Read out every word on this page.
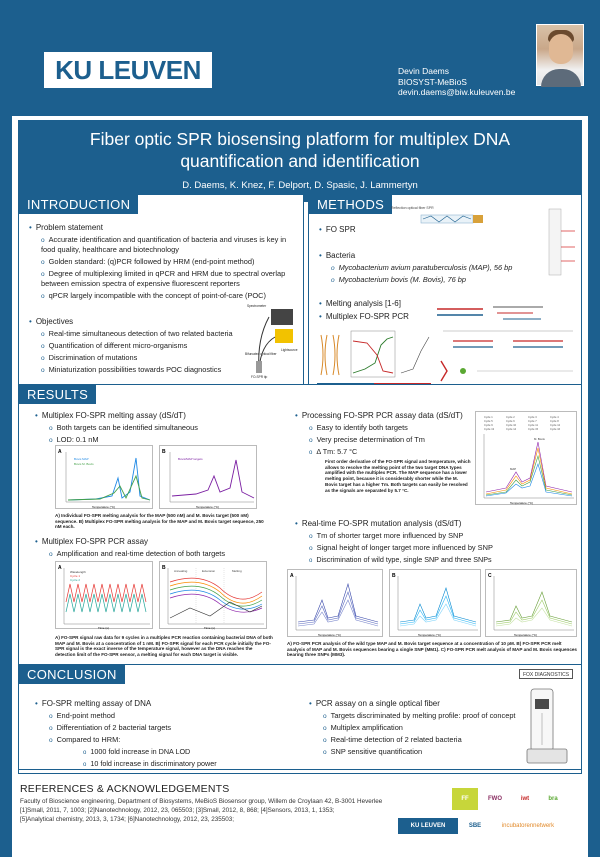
KU LEUVEN	Devin Daems
BIOSYST-MeBioS
devin.daems@biw.kuleuven.be
Fiber optic SPR biosensing platform for multiplex DNA
quantification and identification
D. Daems, K. Knez, F. Delport, D. Spasic, J. Lammertyn
INTRODUCTION
• Problem statement
o Accurate identification and quantification of bacteria and viruses is key in food quality, healthcare and biotechnology
o Golden standard: (q)PCR followed by HRM (end-point method)
o Degree of multiplexing limited in qPCR and HRM due to spectral overlap between emission spectra of expensive fluorescent reporters
o qPCR largely incompatible with the concept of point-of-care (POC)
• Objectives
o Real-time simultaneous detection of two related bacteria
o Quantification of different micro-organisms
o Discrimination of mutations
o Miniaturization possibilities towards POC diagnostics
Spectrometer
Lightsource
Bifurcated optical fiber
FO-SPR tip
METHODS
• FO SPR
• Bacteria
o Mycobacterium avium paratuberculosis (MAP), 56 bp
o Mycobacterium bovis (M. Bovis), 76 bp
• Melting analysis [1-6]
• Multiplex FO-SPR PCR
Reflection optical fiber SPR
RESULTS
• Multiplex FO-SPR melting assay (dS/dT)
o Both targets can be identified simultaneous
o LOD: 0.1 nM
A
Bovis MAP
Bovis M. Bovis
Temperature (°C)
B
Bovis/MAP targets
Temperature (°C)
A) Individual FO-SPR melting analysis for the MAP (500 nM) and M. Bovis target (500 nM) sequence. B) Multiplex FO-SPR melting analysis for the MAP and M. Bovis target sequence, 250 nM each.
• Multiplex FO-SPR PCR assay
o Amplification and real-time detection of both targets
A
Wavelength
Cycle 1
Cycle 2
Time (s)
B	Annealing	Extension	Melting
Time (s)
A) FO-SPR signal raw data for 9 cycles in a multiplex PCR reaction containing bacterial DNA of both MAP and M. Bovis at a concentration of 1 nM. B) FO-SPR signal for each PCR cycle initially the FO-SPR signal is the exact inverse of the temperature signal, however as the DNA reaches the detection limit of the FO-SPR sensor, a melting signal for each DNA target is visible.
• Processing FO-SPR PCR assay data (dS/dT)
o Easy to identify both targets
o Very precise determination of Tm
o Δ Tm: 5.7 °C
First order derivative of the FO-SPR signal and temperature, which allows to resolve the melting point of the two target DNA types amplified with the multiplex PCR. The MAP sequence has a lower melting point, because it is considerably shorter while the M. Bovis target has a higher Tm. Both targets can easily be resolved as the signals are separated by 5.7 °C.
Cycle 1	Cycle 2	Cycle 3	Cycle 4
Cycle 5	Cycle 6	Cycle 7	Cycle 8
Cycle 9	Cycle 10	Cycle 11	Cycle 12
Cycle 13	Cycle 14	Cycle 15	Cycle 16
MAP
M. Bovis
Temperature (°C)
• Real-time FO-SPR mutation analysis (dS/dT)
o Tm of shorter target more influenced by SNP
o Signal height of longer target more influenced by SNP
o Discrimination of wild type, single SNP and three SNPs
A
Temperature (°C)
B
Temperature (°C)
C
Temperature (°C)
A) FO-SPR PCR analysis of the wild type MAP and M. Bovis target sequence at a concentration of 10 pM. B) FO-SPR PCR melt analysis of MAP and M. Bovis sequences bearing a single SNP (MM1). C) FO-SPR PCR melt analysis of MAP and M. Bovis sequences bearing three SNPs (MM3).
CONCLUSION
• FO-SPR melting assay of DNA
o End-point method
o Differentiation of 2 bacterial targets
o Compared to HRM:
o 1000 fold increase in DNA LOD
o 10 fold increase in discriminatory power
• PCR assay on a single optical fiber
o Targets discriminated by melting profile: proof of concept
o Multiplex amplification
o Real-time detection of 2 related bacteria
o SNP sensitive quantification
FOX DIAGNOSTICS
REFERENCES & ACKNOWLEDGEMENTS
Faculty of Bioscience engineering, Department of Biosystems, MeBioS Biosensor group, Willem de Croylaan 42, B-3001 Heverlee
[1]Small, 2011, 7, 1003; [2]Nanotechnology, 2012, 23, 065503; [3]Small, 2012, 8, 868; [4]Sensors, 2013, 1, 1353;
[5]Analytical chemistry, 2013, 3, 1734; [6]Nanotechnology, 2012, 23, 235503;
FF	FWO	iwt	bra
KU LEUVEN	SBE	incubatorennetwerk
